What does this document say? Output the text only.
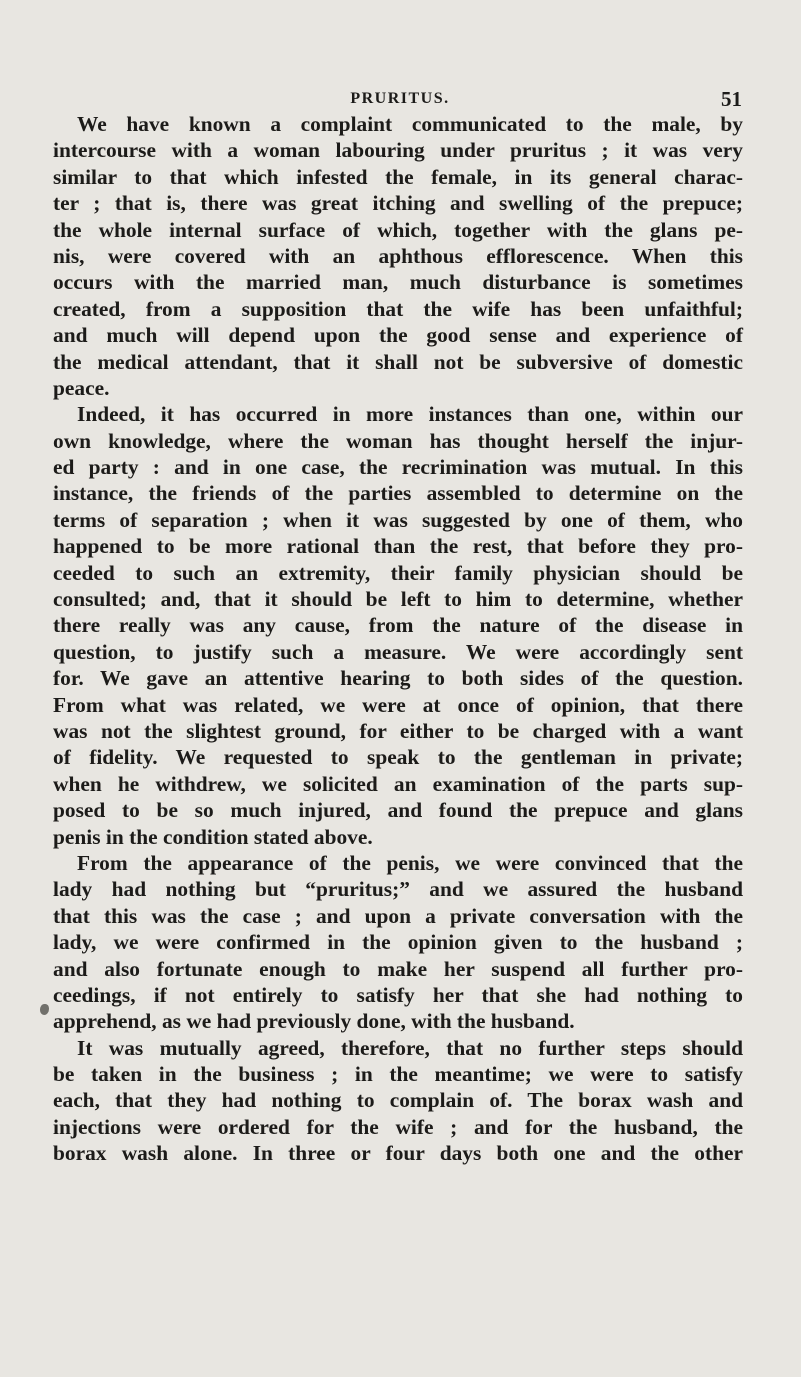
PRURITUS.	51
We have known a complaint communicated to the male, by
intercourse with a woman labouring under pruritus ; it was very
similar to that which infested the female, in its general charac-
ter ; that is, there was great itching and swelling of the prepuce;
the whole internal surface of which, together with the glans pe-
nis, were covered with an aphthous efflorescence. When this
occurs with the married man, much disturbance is sometimes
created, from a supposition that the wife has been unfaithful;
and much will depend upon the good sense and experience of
the medical attendant, that it shall not be subversive of domestic
peace.
Indeed, it has occurred in more instances than one, within our
own knowledge, where the woman has thought herself the injur-
ed party : and in one case, the recrimination was mutual. In this
instance, the friends of the parties assembled to determine on the
terms of separation ; when it was suggested by one of them, who
happened to be more rational than the rest, that before they pro-
ceeded to such an extremity, their family physician should be
consulted; and, that it should be left to him to determine, whether
there really was any cause, from the nature of the disease in
question, to justify such a measure. We were accordingly sent
for. We gave an attentive hearing to both sides of the question.
From what was related, we were at once of opinion, that there
was not the slightest ground, for either to be charged with a want
of fidelity. We requested to speak to the gentleman in private;
when he withdrew, we solicited an examination of the parts sup-
posed to be so much injured, and found the prepuce and glans
penis in the condition stated above.
From the appearance of the penis, we were convinced that the
lady had nothing but “pruritus;” and we assured the husband
that this was the case ; and upon a private conversation with the
lady, we were confirmed in the opinion given to the husband ;
and also fortunate enough to make her suspend all further pro-
ceedings, if not entirely to satisfy her that she had nothing to
apprehend, as we had previously done, with the husband.
It was mutually agreed, therefore, that no further steps should
be taken in the business ; in the meantime; we were to satisfy
each, that they had nothing to complain of. The borax wash and
injections were ordered for the wife ; and for the husband, the
borax wash alone. In three or four days both one and the other
